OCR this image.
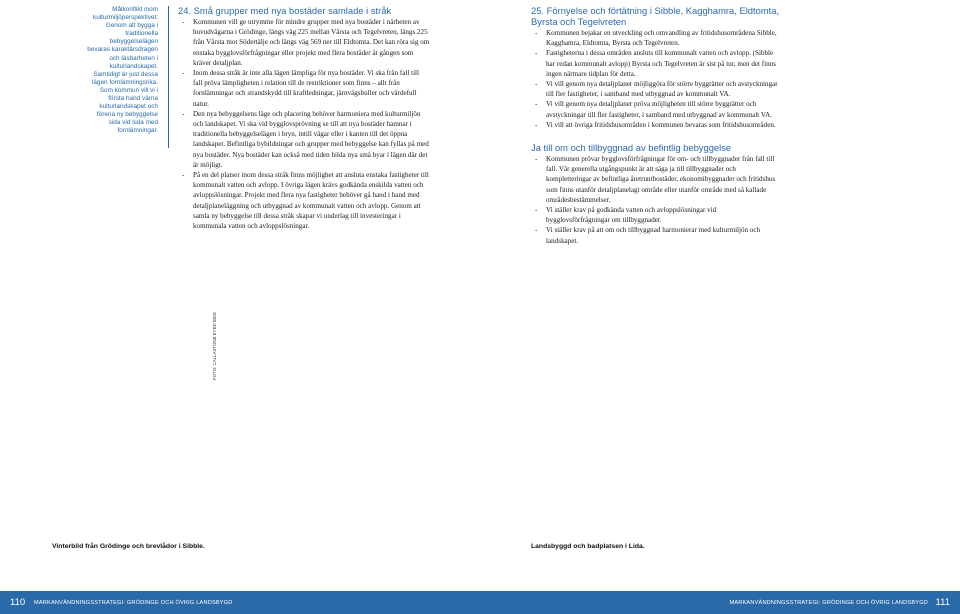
Målkonflikt inom kulturmiljöperspektivet: Genom att bygga i traditionella bebyggelselägen bevaras karaktärsdragen och läsbarheten i kulturlandskapet. Samtidigt är just dessa lägen fornlämningsrika. Som kommun vill vi i första hand värna kulturlandskapet och förena ny bebyggelse sida vid sida med fornlämningar.
FOTO: CALLASTONE EYED BIKE
24. Små grupper med nya bostäder samlade i stråk
- Kommunen vill ge utrymme för mindre grupper med nya bostäder i närheten av huvudvägarna i Grödinge, längs väg 225 mellan Vårsta och Tegelvreten, längs 225 från Vårsta mot Södertälje och längs väg 569 ner till Eldtomta. Det kan röra sig om enstaka bygglovsförfrågningar eller projekt med flera bostäder åt gången som kräver detaljplan.
- Inom dessa stråk är inte alla lägen lämpliga för nya bostäder. Vi ska från fall till fall pröva lämpligheten i relation till de restriktioner som finns – allt från fornlämningar och strandskydd till kraftledningar, järnvägsbuller och värdefull natur.
- Den nya bebyggelsens läge och placering behöver harmoniera med kulturmiljön och landskapet. Vi ska vid bygglovsprövning se till att nya bostäder hamnar i traditionella bebyggelselägen i bryn, intill vägar eller i kanten till det öppna landskapet. Befintliga bybildningar och grupper med bebyggelse kan fyllas på med nya bostäder. Nya bostäder kan också med tiden bilda nya små byar i lägen där det är möjligt.
- På en del platser inom dessa stråk finns möjlighet att ansluta enstaka fastigheter till kommunalt vatten och avlopp. I övriga lägen krävs godkända enskilda vatten och avloppslösningar. Projekt med flera nya fastigheter behöver gå hand i hand med detaljplaneläggning och utbyggnad av kommunalt vatten och avlopp. Genom att samla ny bebyggelse till dessa stråk skapar vi underlag till investeringar i kommunala vatten och avloppslösningar.
25. Förnyelse och förtätning i Sibble, Kagghamra, Eldtomta, Byrsta och Tegelvreten
- Kommunen bejakar en utveckling och omvandling av fritidshusområdena Sibble, Kagghamra, Eldtomta, Byrsta och Tegelvreten.
- Fastigheterna i dessa områden ansluts till kommunalt vatten och avlopp. (Sibble har redan kommunalt avlopp) Byrsta och Tegelvreten är sist på tur, men det finns ingen närmare tidplan för detta.
- Vi vill genom nya detaljplaner möjliggöra för större byggrätter och avstyckningar till fler fastigheter, i samband med utbyggnad av kommunalt VA.
- Vi vill genom nya detaljplaner pröva möjligheten till större byggrätter och avstyckningar till fler fastigheter, i samband med utbyggnad av kommunalt VA.
- Vi vill att övriga fritidshusområden i kommunen bevaras som fritidshusområden.
Ja till om och tillbyggnad av befintlig bebyggelse
- Kommunen prövar bygglovsförfrågningar för om- och tillbyggnader från fall till fall. Vår generella utgångspunkt är att säga ja till tillbyggnader och kompletteringar av befintliga åretruntbostäder, ekonomibyggnader och fritidshus som finns utanför detaljplanelagt område eller utanför område med så kallade områdesbestämmelser.
- Vi ställer krav på godkända vatten och avloppslösningar vid bygglovsförfrågningar om tillbyggnader.
- Vi ställer krav på att om och tillbyggnad harmonierar med kulturmiljön och landskapet.
Vinterbild från Grödinge och brevlådor i Sibble.	Landsbyggd och badplatsen i Lida.
110 MARKANVÄNDNINGSSTRATEGI: GRÖDINGE OCH ÖVRIG LANDSBYGD	MARKANVÄNDNINGSSTRATEGI: GRÖDINGE OCH ÖVRIG LANDSBYGD 111
